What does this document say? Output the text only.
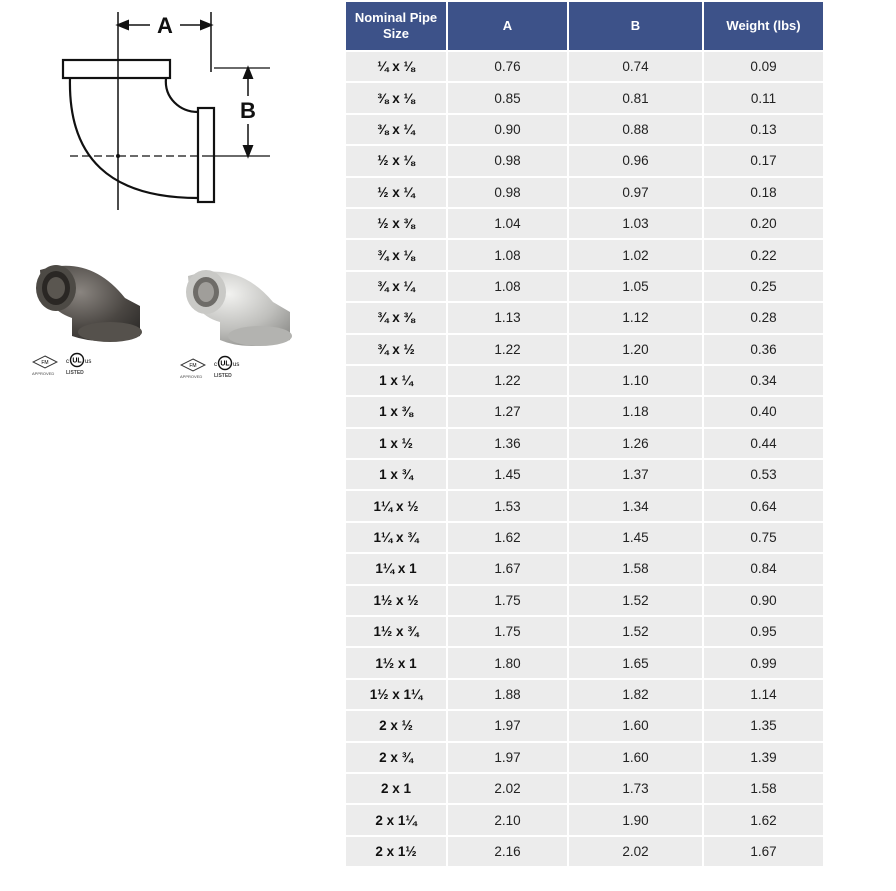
A
B
FM
APPROVED
c UL us
LISTED
FM
APPROVED
c UL us
LISTED
Nominal Pipe Size	A	B	Weight (lbs)
¼ x ⅛	0.76	0.74	0.09
⅜ x ⅛	0.85	0.81	0.11
⅜ x ¼	0.90	0.88	0.13
½ x ⅛	0.98	0.96	0.17
½ x ¼	0.98	0.97	0.18
½ x ⅜	1.04	1.03	0.20
¾ x ⅛	1.08	1.02	0.22
¾ x ¼	1.08	1.05	0.25
¾ x ⅜	1.13	1.12	0.28
¾ x ½	1.22	1.20	0.36
1 x ¼	1.22	1.10	0.34
1 x ⅜	1.27	1.18	0.40
1 x ½	1.36	1.26	0.44
1 x ¾	1.45	1.37	0.53
1¼ x ½	1.53	1.34	0.64
1¼ x ¾	1.62	1.45	0.75
1¼ x 1	1.67	1.58	0.84
1½ x ½	1.75	1.52	0.90
1½ x ¾	1.75	1.52	0.95
1½ x 1	1.80	1.65	0.99
1½ x 1¼	1.88	1.82	1.14
2 x ½	1.97	1.60	1.35
2 x ¾	1.97	1.60	1.39
2 x 1	2.02	1.73	1.58
2 x 1¼	2.10	1.90	1.62
2 x 1½	2.16	2.02	1.67
